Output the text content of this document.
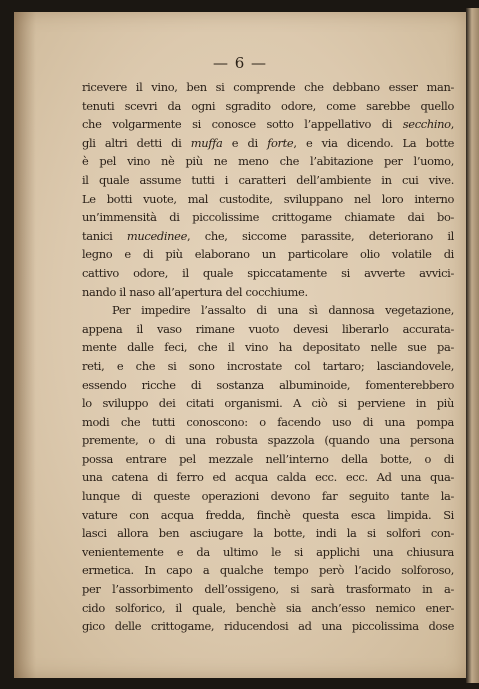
— 6 —
ricevere il vino, ben si comprende che debbano esser man-
tenuti scevri da ogni sgradito odore, come sarebbe quello
che volgarmente si conosce sotto l’appellativo di secchino,
gli altri detti di muffa e di forte, e via dicendo. La botte
è pel vino nè più ne meno che l’abitazione per l’uomo,
il quale assume tutti i caratteri dell’ambiente in cui vive.
Le botti vuote, mal custodite, sviluppano nel loro interno
un’immensità di piccolissime crittogame chiamate dai bo-
tanici mucedinee, che, siccome parassite, deteriorano il
legno e di più elaborano un particolare olio volatile di
cattivo odore, il quale spiccatamente si avverte avvici-
nando il naso all’apertura del cocchiume.
Per impedire l’assalto di una sì dannosa vegetazione,
appena il vaso rimane vuoto devesi liberarlo accuratа-
mente dalle feci, che il vino ha depositato nelle sue pa-
reti, e che si sono incrostate col tartaro; lasciandovele,
essendo ricche di sostanza albuminoide, fomenterebbero
lo sviluppo dei citati organismi. A ciò si perviene in più
modi che tutti conoscono: o facendo uso di una pompa
premente, o di una robusta spazzola (quando una persona
possa entrare pel mezzale nell’interno della botte, o di
una catena di ferro ed acqua calda ecc. ecc. Ad una qua-
lunque di queste operazioni devono far seguito tante la-
vature con acqua fredda, finchè questa esca limpida. Si
lasci allora ben asciugare la botte, indi la si solfori con-
venientemente e da ultimo le si applichi una chiusura
ermetica. In capo a qualche tempo però l’acido solforoso,
per l’assorbimento dell’ossigeno, si sarà trasformato in a-
cido solforico, il quale, benchè sia anch’esso nemico ener-
gico delle crittogame, riducendosi ad una piccolissima dose
